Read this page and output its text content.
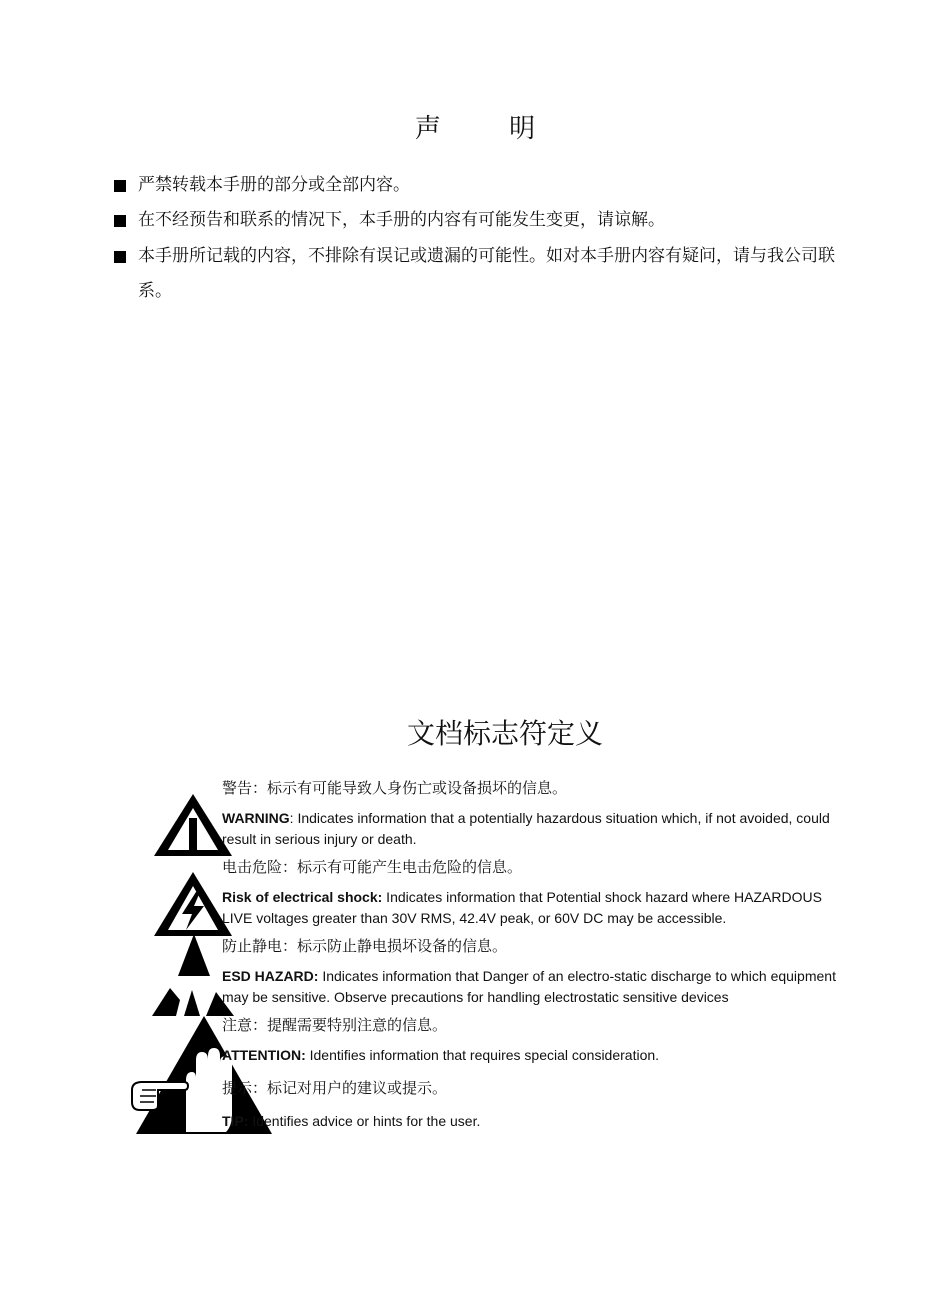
声 明
严禁转载本手册的部分或全部内容。
在不经预告和联系的情况下，本手册的内容有可能发生变更，请谅解。
本手册所记载的内容，不排除有误记或遗漏的可能性。如对本手册内容有疑问，请与我公司联系。
文档标志符定义
警告：标示有可能导致人身伤亡或设备损坏的信息。
WARNING: Indicates information that a potentially hazardous situation which, if not avoided, could result in serious injury or death.
电击危险：标示有可能产生电击危险的信息。
Risk of electrical shock: Indicates information that Potential shock hazard where HAZARDOUS LIVE voltages greater than 30V RMS, 42.4V peak, or 60V DC may be accessible.
防止静电：标示防止静电损坏设备的信息。
ESD HAZARD: Indicates information that Danger of an electro-static discharge to which equipment may be sensitive. Observe precautions for handling electrostatic sensitive devices
注意：提醒需要特别注意的信息。
ATTENTION: Identifies information that requires special consideration.
提示：标记对用户的建议或提示。
TIP: Identifies advice or hints for the user.
